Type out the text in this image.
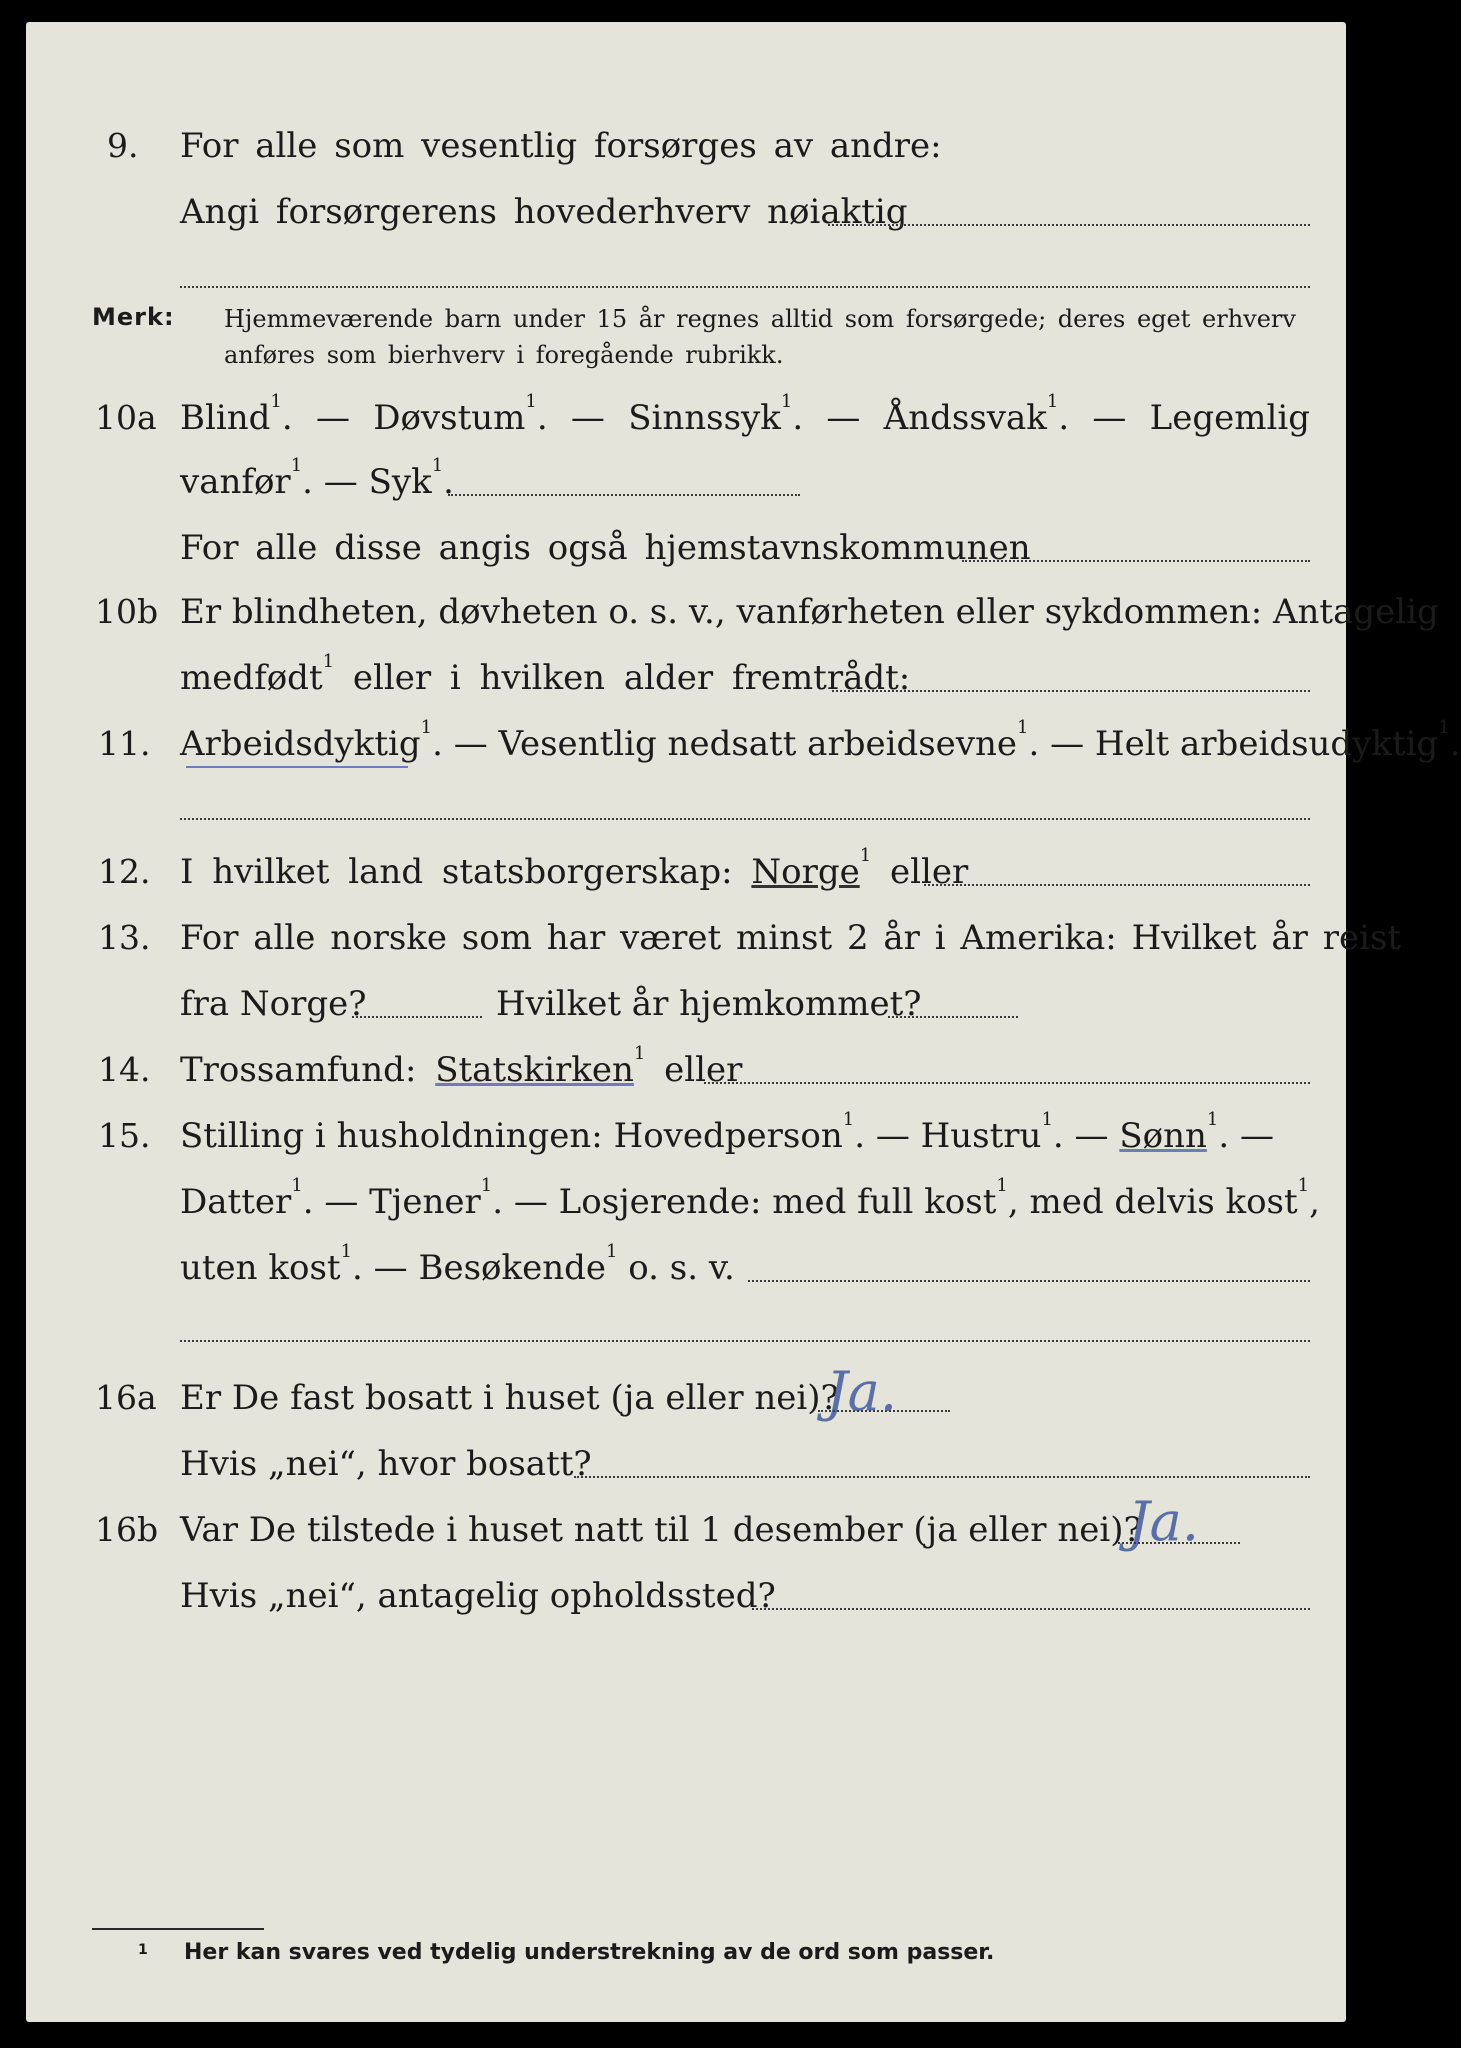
9. For alle som vesentlig forsørges av andre:
Angi forsørgerens hovederhverv nøiaktig
Merk: Hjemmeværende barn under 15 år regnes alltid som forsørgede; deres eget erhverv
anføres som bierhverv i foregående rubrikk.
10a Blind$^1$. — Døvstum$^1$. — Sinnssyk$^1$. — Åndssvak$^1$. — Legemlig
vanfør$^1$. — Syk$^1$.
For alle disse angis også hjemstavnskommunen
10b Er blindheten, døvheten o. s. v., vanførheten eller sykdommen: Antagelig
medfødt$^1$ eller i hvilken alder fremtrådt:
11. Arbeidsdyktig$^1$. — Vesentlig nedsatt arbeidsevne$^1$. — Helt arbeidsudyktig$^1$.
12. I hvilket land statsborgerskap: Norge$^1$ eller
13. For alle norske som har været minst 2 år i Amerika: Hvilket år reist
fra Norge?	Hvilket år hjemkommet?
14. Trossamfund: Statskirken$^1$ eller
15. Stilling i husholdningen: Hovedperson$^1$. — Hustru$^1$. — Sønn$^1$. —
Datter$^1$. — Tjener$^1$. — Losjerende: med full kost$^1$, med delvis kost$^1$,
uten kost$^1$. — Besøkende$^1$ o. s. v.
16a Er De fast bosatt i huset (ja eller nei)?
Ja.
Hvis „nei“, hvor bosatt?
16b Var De tilstede i huset natt til 1 desember (ja eller nei)?
Ja.
Hvis „nei“, antagelig opholdssted?
1 Her kan svares ved tydelig understrekning av de ord som passer.
